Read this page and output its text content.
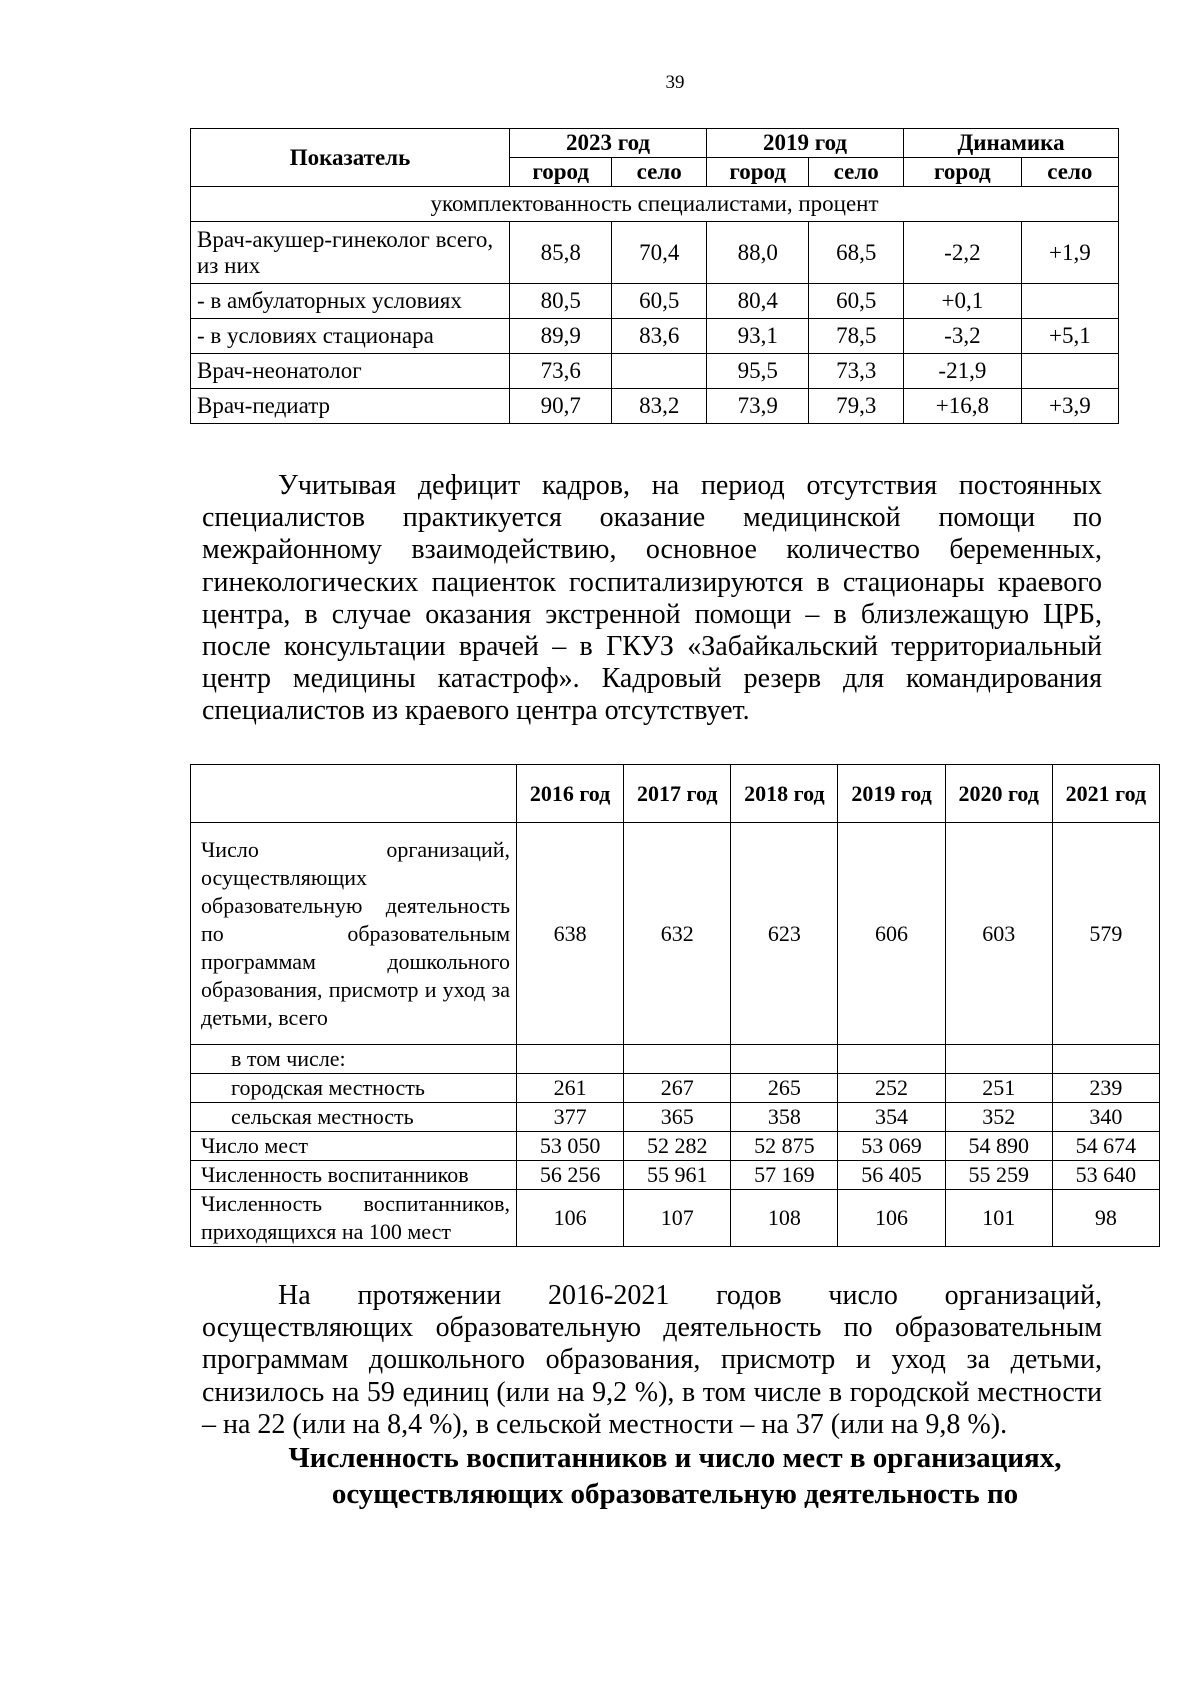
39
Показатель	2023 год		2019 год		Динамика	
	город	село	город	село	город	село
укомплектованность специалистами, процент						
Врач-акушер-гинеколог всего, из них	85,8	70,4	88,0	68,5	-2,2	+1,9
- в амбулаторных условиях	80,5	60,5	80,4	60,5	+0,1	
- в условиях стационара	89,9	83,6	93,1	78,5	-3,2	+5,1
Врач-неонатолог	73,6		95,5	73,3	-21,9	
Врач-педиатр	90,7	83,2	73,9	79,3	+16,8	+3,9

Учитывая дефицит кадров, на период отсутствия постоянных специалистов практикуется оказание медицинской помощи по межрайонному взаимодействию, основное количество беременных, гинекологических пациенток госпитализируются в стационары краевого центра, в случае оказания экстренной помощи – в близлежащую ЦРБ, после консультации врачей – в ГКУЗ «Забайкальский территориальный центр медицины катастроф». Кадровый резерв для командирования специалистов из краевого центра отсутствует.

	2016 год	2017 год	2018 год	2019 год	2020 год	2021 год
Число организаций, осуществляющих образовательную деятельность по образовательным программам дошкольного образования, присмотр и уход за детьми, всего	638	632	623	606	603	579
в том числе:						
городская местность	261	267	265	252	251	239
сельская местность	377	365	358	354	352	340
Число мест	53 050	52 282	52 875	53 069	54 890	54 674
Численность воспитанников	56 256	55 961	57 169	56 405	55 259	53 640
Численность воспитанников, приходящихся на 100 мест	106	107	108	106	101	98

На протяжении 2016-2021 годов число организаций, осуществляющих образовательную деятельность по образовательным программам дошкольного образования, присмотр и уход за детьми, снизилось на 59 единиц (или на 9,2 %), в том числе в городской местности – на 22 (или на 8,4 %), в сельской местности – на 37 (или на 9,8 %).

Численность воспитанников и число мест в организациях, осуществляющих образовательную деятельность по
